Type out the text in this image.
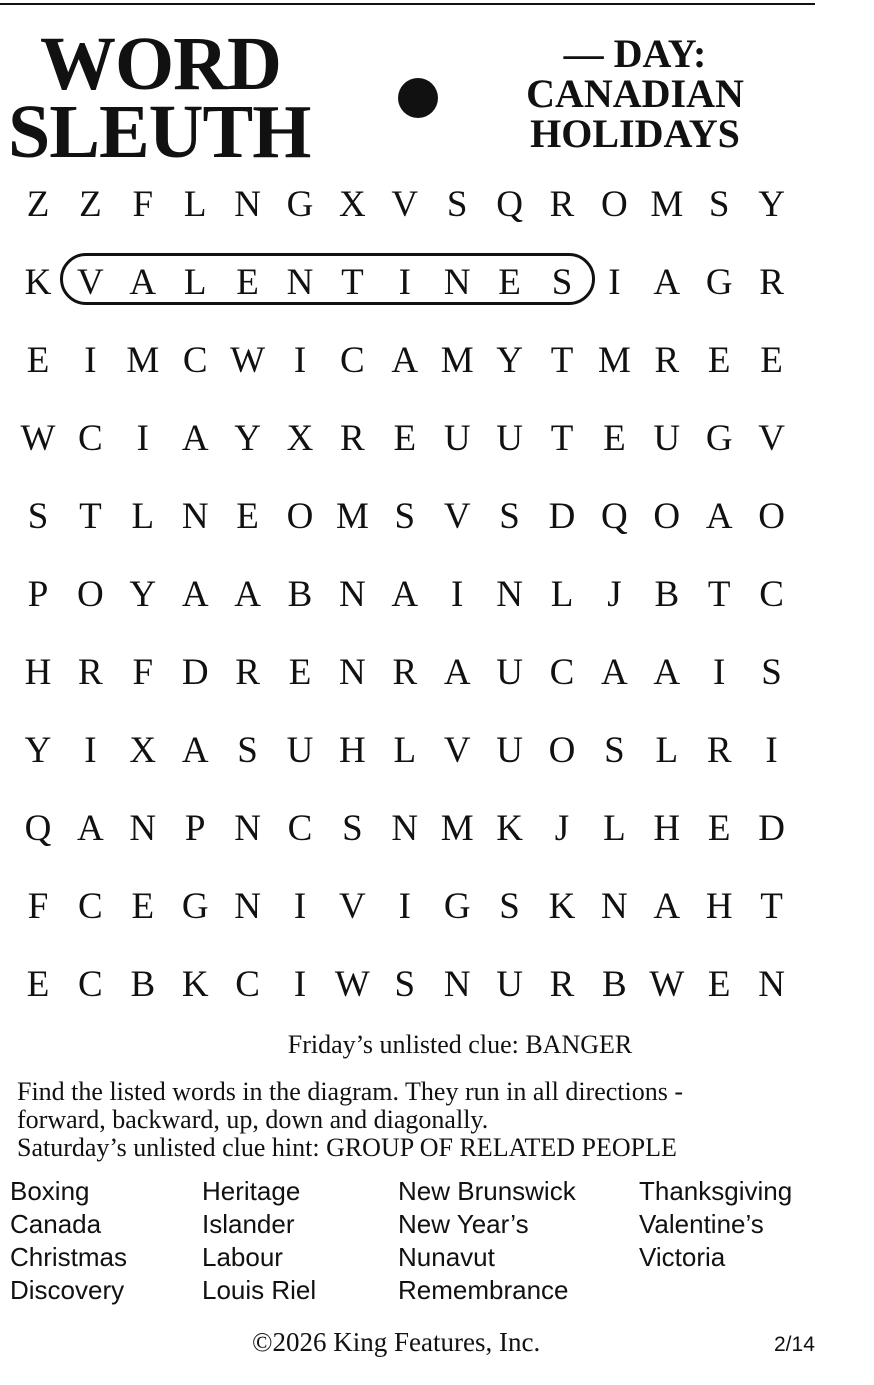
WORD
SLEUTH
— DAY:
CANADIAN
HOLIDAYS
Z Z F L N G X V S Q R O M S Y
K V A L E N T I N E S I A G R
E I M C W I C A M Y T M R E E
W C I A Y X R E U U T E U G V
S T L N E O M S V S D Q O A O
P O Y A A B N A I N L J B T C
H R F D R E N R A U C A A I S
Y I X A S U H L V U O S L R I
Q A N P N C S N M K J L H E D
F C E G N I V I G S K N A H T
E C B K C I W S N U R B W E N
Friday’s unlisted clue: BANGER
Find the listed words in the diagram. They run in all directions -
forward, backward, up, down and diagonally.
Saturday’s unlisted clue hint: GROUP OF RELATED PEOPLE
Boxing
Canada
Christmas
Discovery
Heritage
Islander
Labour
Louis Riel
New Brunswick
New Year’s
Nunavut
Remembrance
Thanksgiving
Valentine’s
Victoria
©2026 King Features, Inc.	2/14
